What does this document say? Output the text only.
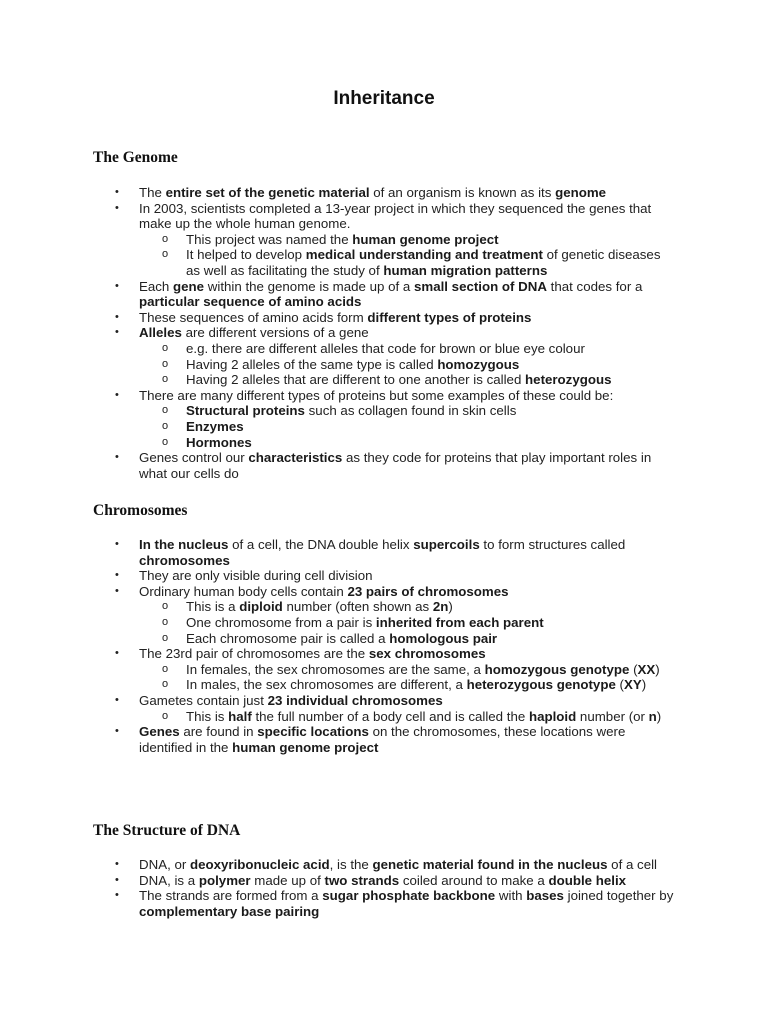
Inheritance
The Genome
• The entire set of the genetic material of an organism is known as its genome
• In 2003, scientists completed a 13-year project in which they sequenced the genes that make up the whole human genome.
o This project was named the human genome project
o It helped to develop medical understanding and treatment of genetic diseases as well as facilitating the study of human migration patterns
• Each gene within the genome is made up of a small section of DNA that codes for a particular sequence of amino acids
• These sequences of amino acids form different types of proteins
• Alleles are different versions of a gene
o e.g. there are different alleles that code for brown or blue eye colour
o Having 2 alleles of the same type is called homozygous
o Having 2 alleles that are different to one another is called heterozygous
• There are many different types of proteins but some examples of these could be:
o Structural proteins such as collagen found in skin cells
o Enzymes
o Hormones
• Genes control our characteristics as they code for proteins that play important roles in what our cells do
Chromosomes
• In the nucleus of a cell, the DNA double helix supercoils to form structures called chromosomes
• They are only visible during cell division
• Ordinary human body cells contain 23 pairs of chromosomes
o This is a diploid number (often shown as 2n)
o One chromosome from a pair is inherited from each parent
o Each chromosome pair is called a homologous pair
• The 23rd pair of chromosomes are the sex chromosomes
o In females, the sex chromosomes are the same, a homozygous genotype (XX)
o In males, the sex chromosomes are different, a heterozygous genotype (XY)
• Gametes contain just 23 individual chromosomes
o This is half the full number of a body cell and is called the haploid number (or n)
• Genes are found in specific locations on the chromosomes, these locations were identified in the human genome project
The Structure of DNA
• DNA, or deoxyribonucleic acid, is the genetic material found in the nucleus of a cell
• DNA, is a polymer made up of two strands coiled around to make a double helix
• The strands are formed from a sugar phosphate backbone with bases joined together by complementary base pairing
